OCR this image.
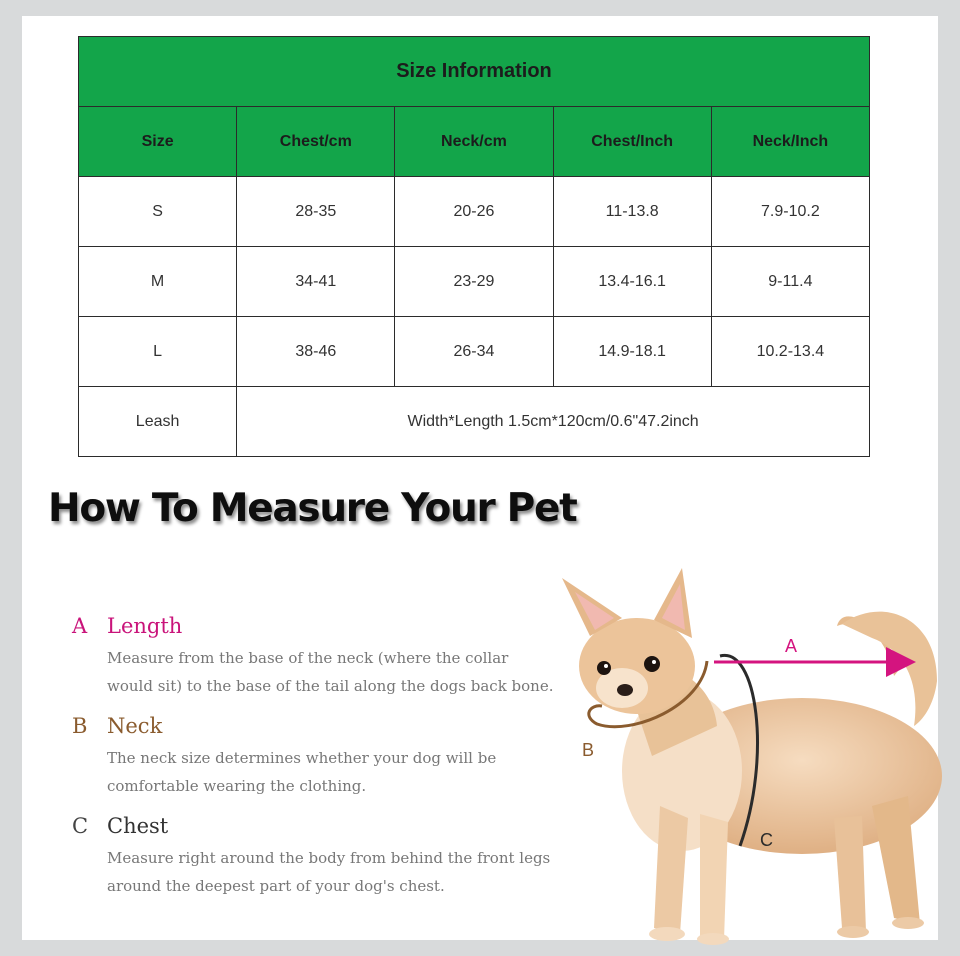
Size Information				
Size	Chest/cm	Neck/cm	Chest/Inch	Neck/Inch
S	28-35	20-26	11-13.8	7.9-10.2
M	34-41	23-29	13.4-16.1	9-11.4
L	38-46	26-34	14.9-18.1	10.2-13.4
Leash	Width*Length 1.5cm*120cm/0.6"47.2inch			
How To Measure Your Pet
A Length
Measure from the base of the neck (where the collar would sit) to the base of the tail along the dogs back bone.
B Neck
The neck size determines whether your dog will be comfortable wearing the clothing.
C Chest
Measure right around the body from behind the front legs around the deepest part of your dog's chest.
A
B
C
